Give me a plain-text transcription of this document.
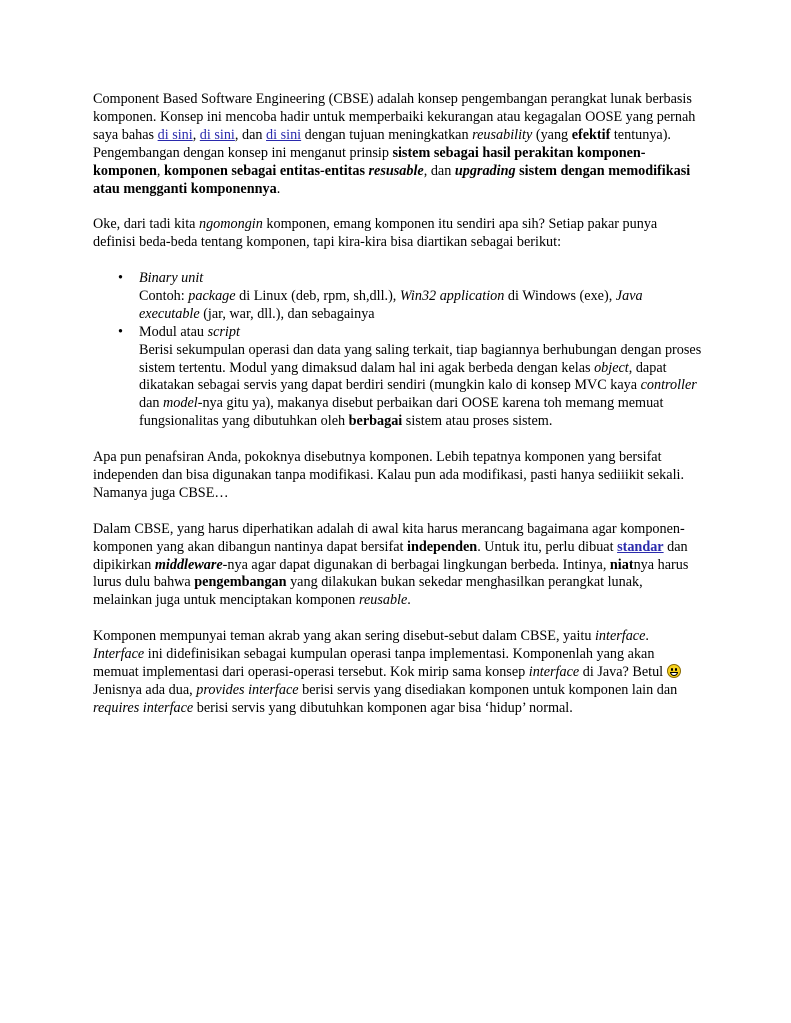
Component Based Software Engineering (CBSE) adalah konsep pengembangan perangkat lunak berbasis komponen. Konsep ini mencoba hadir untuk memperbaiki kekurangan atau kegagalan OOSE yang pernah saya bahas di sini, di sini, dan di sini dengan tujuan meningkatkan reusability (yang efektif tentunya). Pengembangan dengan konsep ini menganut prinsip sistem sebagai hasil perakitan komponen-komponen, komponen sebagai entitas-entitas resusable, dan upgrading sistem dengan memodifikasi atau mengganti komponennya.

Oke, dari tadi kita ngomongin komponen, emang komponen itu sendiri apa sih? Setiap pakar punya definisi beda-beda tentang komponen, tapi kira-kira bisa diartikan sebagai berikut:

• Binary unit
Contoh: package di Linux (deb, rpm, sh,dll.), Win32 application di Windows (exe), Java executable (jar, war, dll.), dan sebagainya
• Modul atau script
Berisi sekumpulan operasi dan data yang saling terkait, tiap bagiannya berhubungan dengan proses sistem tertentu. Modul yang dimaksud dalam hal ini agak berbeda dengan kelas object, dapat dikatakan sebagai servis yang dapat berdiri sendiri (mungkin kalo di konsep MVC kaya controller dan model-nya gitu ya), makanya disebut perbaikan dari OOSE karena toh memang memuat fungsionalitas yang dibutuhkan oleh berbagai sistem atau proses sistem.

Apa pun penafsiran Anda, pokoknya disebutnya komponen. Lebih tepatnya komponen yang bersifat independen dan bisa digunakan tanpa modifikasi. Kalau pun ada modifikasi, pasti hanya sediiikit sekali. Namanya juga CBSE…

Dalam CBSE, yang harus diperhatikan adalah di awal kita harus merancang bagaimana agar komponen-komponen yang akan dibangun nantinya dapat bersifat independen. Untuk itu, perlu dibuat standar dan dipikirkan middleware-nya agar dapat digunakan di berbagai lingkungan berbeda. Intinya, niatnya harus lurus dulu bahwa pengembangan yang dilakukan bukan sekedar menghasilkan perangkat lunak, melainkan juga untuk menciptakan komponen reusable.

Komponen mempunyai teman akrab yang akan sering disebut-sebut dalam CBSE, yaitu interface. Interface ini didefinisikan sebagai kumpulan operasi tanpa implementasi. Komponenlah yang akan memuat implementasi dari operasi-operasi tersebut. Kok mirip sama konsep interface di Java? Betul
Jenisnya ada dua, provides interface berisi servis yang disediakan komponen untuk komponen lain dan requires interface berisi servis yang dibutuhkan komponen agar bisa ‘hidup’ normal.
